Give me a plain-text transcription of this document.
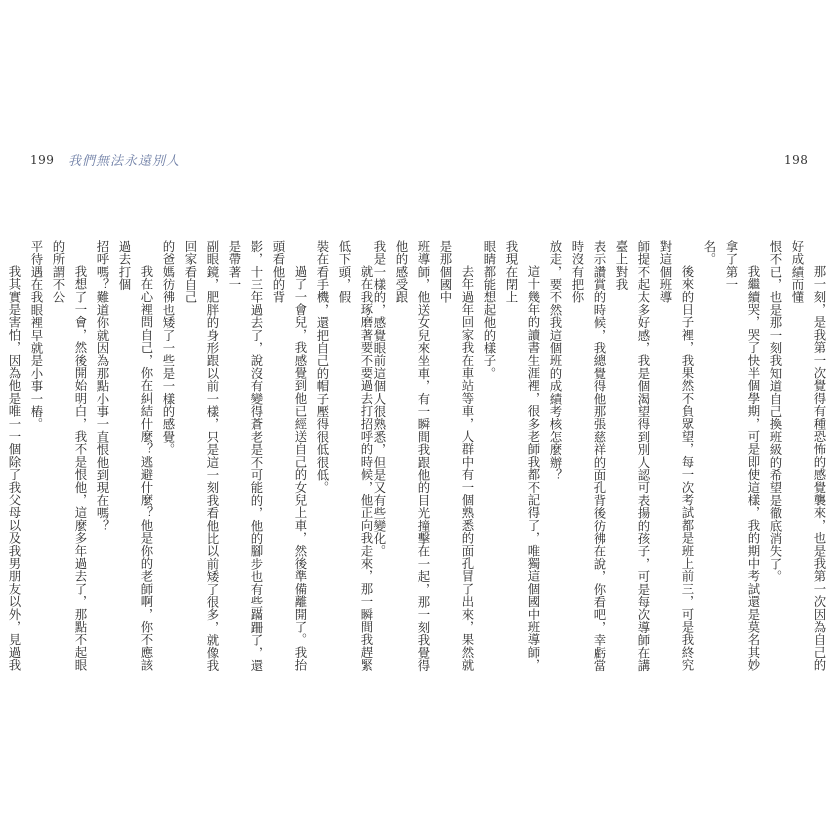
199 我們無法永遠別人	198
那一刻，是我第一次覺得有種恐怖的感覺襲來，也是我第一次因為自己的好成績而懂
恨不已，也是那一刻我知道自己換班級的希望是徹底消失了。
我繼續哭，哭了快半個學期，可是即使這樣，我的期中考試還是莫名其妙拿了第一
名。
後來的日子裡，我果然不負眾望，每一次考試都是班上前三，可是我終究對這個班導
師提不起太多好感，我是個渴望得到別人認可表揚的孩子，可是每次導師在講臺上對我
表示讚賞的時候，我總覺得他那張慈祥的面孔背後彷彿在說，你看吧，幸虧當時沒有把你
放走，要不然我這個班的成績考核怎麼辦？
這十幾年的讀書生涯裡，很多老師我都不記得了，唯獨這個國中班導師，我現在閉上
眼睛都能想起他的樣子。
去年過年回家我在車站等車，人群中有一個熟悉的面孔冒了出來，果然就是那個國中
班導師，他送女兒來坐車，有一瞬間我跟他的目光撞擊在一起，那一刻我覺得他的感受跟
我是一樣的，感覺眼前這個人很熟悉，但是又有些變化。
就在我琢磨著要不要過去打招呼的時候，他正向我走來，那一瞬間我趕緊低下頭，假
裝在看手機，還把自己的帽子壓得很低很低。
過了一會兒，我感覺到他已經送自己的女兒上車，然後準備離開了。我抬頭看他的背
影，十三年過去了，說沒有變得蒼老是不可能的，他的腳步也有些蹣跚了，還是帶著一
副眼鏡，肥胖的身形跟以前一樣，只是這一刻我看他比以前矮了很多，就像我回家看自己
的爸媽彷彿也矮了一些是一樣的感覺。
我在心裡問自己，你在糾結什麼？逃避什麼？他是你的老師啊，你不應該過去打個
招呼嗎？難道你就因為那點小事一直恨他到現在嗎？
我想了一會，然後開始明白，我不是恨他，這麼多年過去了，那點不起眼的所謂不公
平待遇在我眼裡早就是小事一樁。
我其實是害怕，因為他是唯一一個除了我父母以及我男朋友以外，見過我
